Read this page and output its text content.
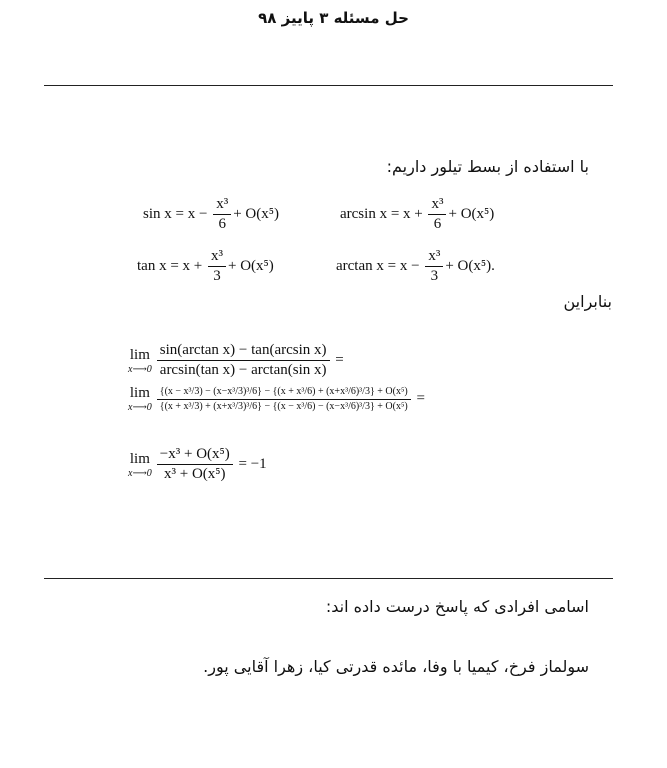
حل مسئله ۳ پاییز ۹۸
با استفاده از بسط تیلور داریم:
$\sin x = x - \frac{\text{x³}}{6} + O(x^5)$	$\arcsin x = x + \frac{\text{x³}}{6} + O(x^5)$
$\tan x = x + \frac{\text{x³}}{3} + O(x^5)$	$\arctan x = x - \frac{\text{x³}}{3} + O(x^5)$.
بنابراین
lim
x⟶0 $\frac{\text{sin(arctan x) − tan(arcsin x)}}{\text{arcsin(tan x) − arctan(sin x)}}$ =
lim
x⟶0
{(x − x³/3) − (x−x³/3)³/6} − {(x + x³/6) + (x+x³/6)³/3} + O(x⁵)
{(x + x³/3) + (x+x³/3)³/6} − {(x − x³/6) − (x−x³/6)³/3} + O(x⁵) =
lim
x⟶0 $\frac{\text{−x³ + O(x⁵)}}{\text{x³ + O(x⁵)}} = -1$
اسامی افرادی که پاسخ درست داده اند:
سولماز فرخ، کیمیا با وفا، مائده قدرتی کیا، زهرا آقایی پور.
